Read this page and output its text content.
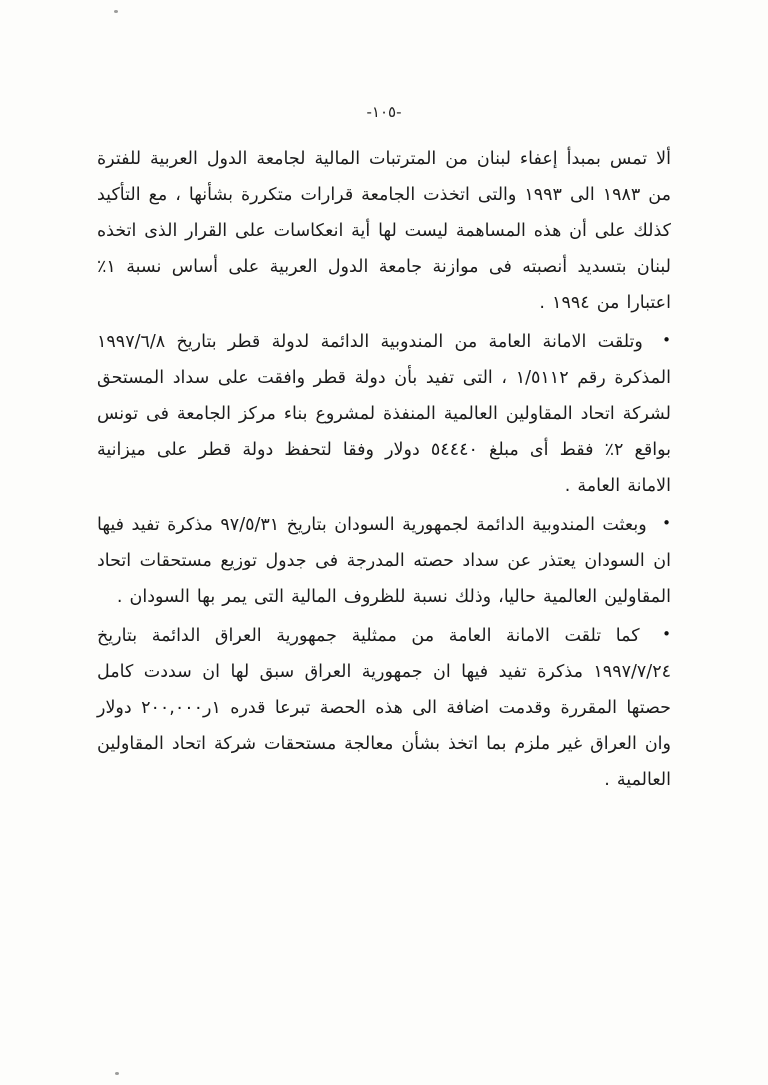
-١٠٥-

ألا تمس بمبدأ إعفاء لبنان من المترتبات المالية لجامعة الدول العربية للفترة من ١٩٨٣ الى ١٩٩٣ والتى اتخذت الجامعة قرارات متكررة بشأنها ، مع التأكيد كذلك على أن هذه المساهمة ليست لها أية انعكاسات على القرار الذى اتخذه لبنان بتسديد أنصبته فى موازنة جامعة الدول العربية على أساس نسبة ١٪ اعتبارا من ١٩٩٤ .

• وتلقت الامانة العامة من المندوبية الدائمة لدولة قطر بتاريخ ١٩٩٧/٦/٨ المذكرة رقم ١/٥١١٢ ، التى تفيد بأن دولة قطر وافقت على سداد المستحق لشركة اتحاد المقاولين العالمية المنفذة لمشروع بناء مركز الجامعة فى تونس بواقع ٢٪ فقط أى مبلغ ٥٤٤٤٠ دولار وفقا لتحفظ دولة قطر على ميزانية الامانة العامة .

• وبعثت المندوبية الدائمة لجمهورية السودان بتاريخ ٩٧/٥/٣١ مذكرة تفيد فيها ان السودان يعتذر عن سداد حصته المدرجة فى جدول توزيع مستحقات اتحاد المقاولين العالمية حاليا، وذلك نسبة للظروف المالية التى يمر بها السودان .

• كما تلقت الامانة العامة من ممثلية جمهورية العراق الدائمة بتاريخ ١٩٩٧/٧/٢٤ مذكرة تفيد فيها ان جمهورية العراق سبق لها ان سددت كامل حصتها المقررة وقدمت اضافة الى هذه الحصة تبرعا قدره ١ر٢٠٠,٠٠٠ دولار وان العراق غير ملزم بما اتخذ بشأن معالجة مستحقات شركة اتحاد المقاولين العالمية .
